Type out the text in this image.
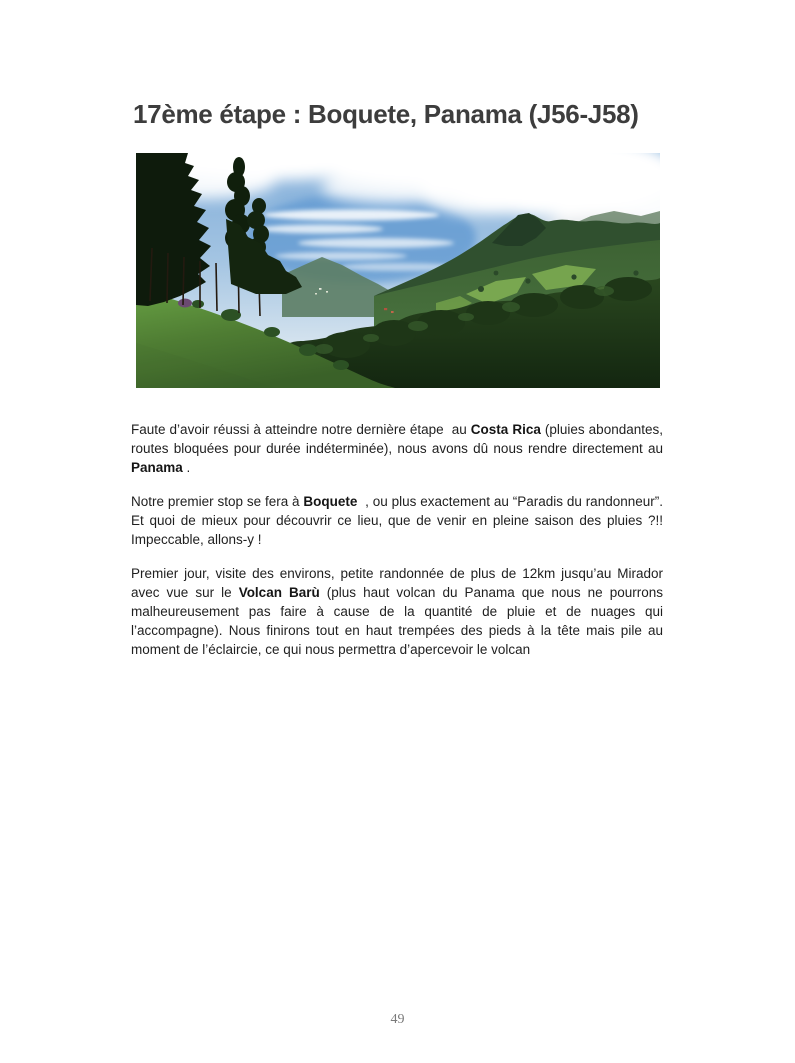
17ème étape : Boquete, Panama (J56-J58)

Faute d’avoir réussi à atteindre notre dernière étape  au Costa Rica (pluies abondantes, routes bloquées pour durée indéterminée), nous avons dû nous rendre directement au Panama .

Notre premier stop se fera à Boquete  , ou plus exactement au “Paradis du randonneur”. Et quoi de mieux pour découvrir ce lieu, que de venir en pleine saison des pluies ?!! Impeccable, allons-y !

Premier jour, visite des environs, petite randonnée de plus de 12km jusqu’au Mirador avec vue sur le Volcan Barù (plus haut volcan du Panama que nous ne pourrons malheureusement pas faire à cause de la quantité de pluie et de nuages qui l’accompagne). Nous finirons tout en haut trempées des pieds à la tête mais pile au moment de l’éclaircie, ce qui nous permettra d’apercevoir le volcan

49
